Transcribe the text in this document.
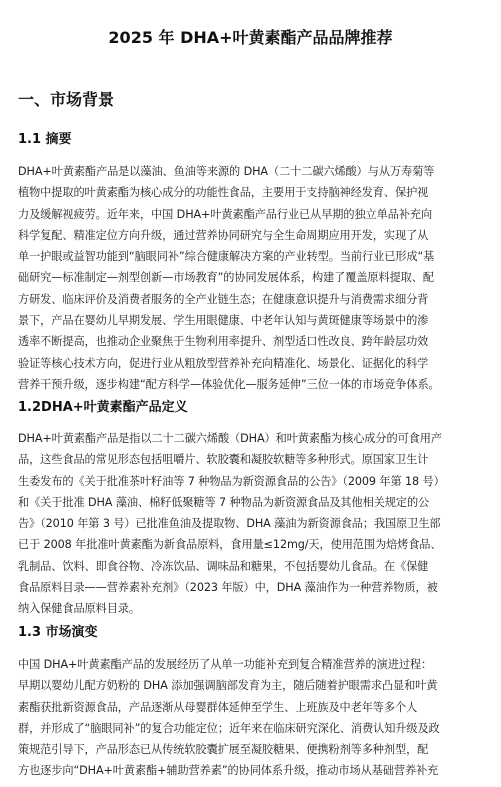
2025 年 DHA+叶黄素酯产品品牌推荐
一、市场背景
1.1 摘要
DHA+叶黄素酯产品是以藻油、鱼油等来源的 DHA（二十二碳六烯酸）与从万寿菊等
植物中提取的叶黄素酯为核心成分的功能性食品，主要用于支持脑神经发育、保护视
力及缓解视疲劳。近年来，中国 DHA+叶黄素酯产品行业已从早期的独立单品补充向
科学复配、精准定位方向升级，通过营养协同研究与全生命周期应用开发，实现了从
单一护眼或益智功能到“脑眼同补”综合健康解决方案的产业转型。当前行业已形成“基
础研究—标准制定—剂型创新—市场教育”的协同发展体系，构建了覆盖原料提取、配
方研发、临床评价及消费者服务的全产业链生态；在健康意识提升与消费需求细分背
景下，产品在婴幼儿早期发展、学生用眼健康、中老年认知与黄斑健康等场景中的渗
透率不断提高，也推动企业聚焦于生物利用率提升、剂型适口性改良、跨年龄层功效
验证等核心技术方向，促进行业从粗放型营养补充向精准化、场景化、证据化的科学
营养干预升级，逐步构建“配方科学—体验优化—服务延伸”三位一体的市场竞争体系。
1.2DHA+叶黄素酯产品定义
DHA+叶黄素酯产品是指以二十二碳六烯酸（DHA）和叶黄素酯为核心成分的可食用产
品，这些食品的常见形态包括咀嚼片、软胶囊和凝胶软糖等多种形式。原国家卫生计
生委发布的《关于批准茶叶籽油等 7 种物品为新资源食品的公告》（2009 年第 18 号）
和《关于批准 DHA 藻油、棉籽低聚糖等 7 种物品为新资源食品及其他相关规定的公
告》（2010 年第 3 号）已批准鱼油及提取物、DHA 藻油为新资源食品；我国原卫生部
已于 2008 年批准叶黄素酯为新食品原料，食用量≤12mg/天，使用范围为焙烤食品、
乳制品、饮料、即食谷物、冷冻饮品、调味品和糖果，不包括婴幼儿食品。在《保健
食品原料目录——营养素补充剂》（2023 年版）中，DHA 藻油作为一种营养物质，被
纳入保健食品原料目录。
1.3 市场演变
中国 DHA+叶黄素酯产品的发展经历了从单一功能补充到复合精准营养的演进过程：
早期以婴幼儿配方奶粉的 DHA 添加强调脑部发育为主，随后随着护眼需求凸显和叶黄
素酯获批新资源食品，产品逐渐从母婴群体延伸至学生、上班族及中老年等多个人
群，并形成了“脑眼同补”的复合功能定位；近年来在临床研究深化、消费认知升级及政
策规范引导下，产品形态已从传统软胶囊扩展至凝胶糖果、便携粉剂等多种剂型，配
方也逐步向“DHA+叶黄素酯+辅助营养素”的协同体系升级，推动市场从基础营养补充
